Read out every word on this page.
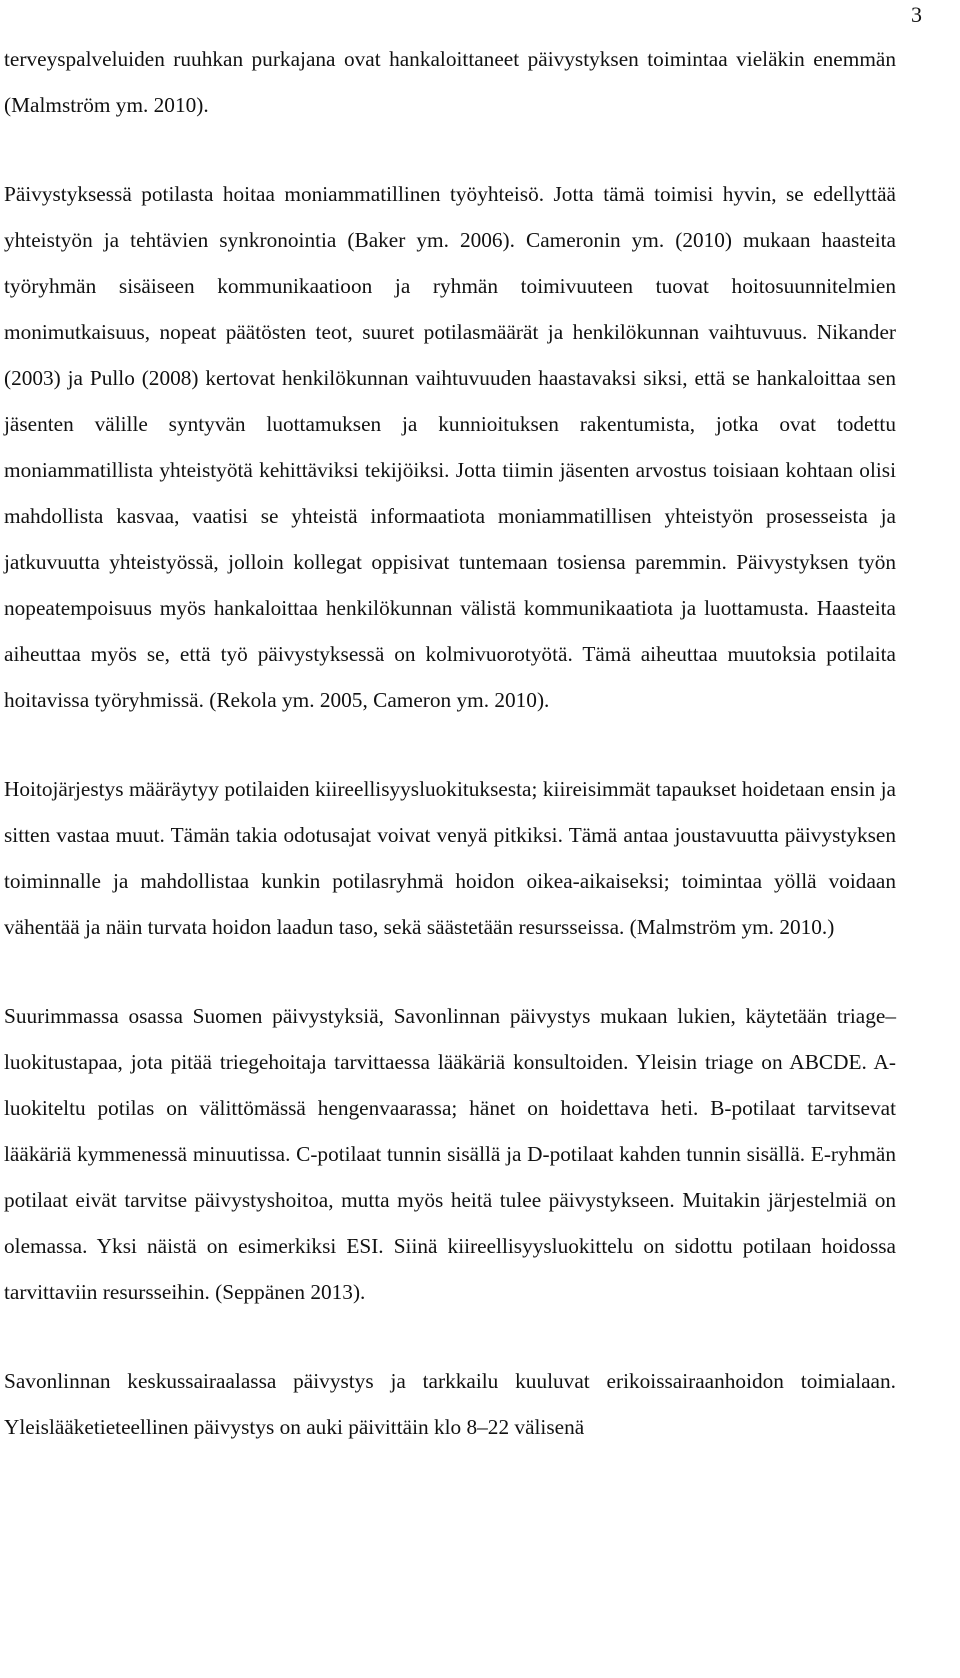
3

terveyspalveluiden ruuhkan purkajana ovat hankaloittaneet päivystyksen toimintaa vieläkin enemmän (Malmström ym. 2010).

Päivystyksessä potilasta hoitaa moniammatillinen työyhteisö. Jotta tämä toimisi hyvin, se edellyttää yhteistyön ja tehtävien synkronointia (Baker ym. 2006). Cameronin ym. (2010) mukaan haasteita työryhmän sisäiseen kommunikaatioon ja ryhmän toimivuuteen tuovat hoitosuunnitelmien monimutkaisuus, nopeat päätösten teot, suuret potilasmäärät ja henkilökunnan vaihtuvuus. Nikander (2003) ja Pullo (2008) kertovat henkilökunnan vaihtuvuuden haastavaksi siksi, että se hankaloittaa sen jäsenten välille syntyvän luottamuksen ja kunnioituksen rakentumista, jotka ovat todettu moniammatillista yhteistyötä kehittäviksi tekijöiksi. Jotta tiimin jäsenten arvostus toisiaan kohtaan olisi mahdollista kasvaa, vaatisi se yhteistä informaatiota moniammatillisen yhteistyön prosesseista ja jatkuvuutta yhteistyössä, jolloin kollegat oppisivat tuntemaan tosiensa paremmin. Päivystyksen työn nopeatempoisuus myös hankaloittaa henkilökunnan välistä kommunikaatiota ja luottamusta. Haasteita aiheuttaa myös se, että työ päivystyksessä on kolmivuorotyötä. Tämä aiheuttaa muutoksia potilaita hoitavissa työryhmissä. (Rekola ym. 2005, Cameron ym. 2010).

Hoitojärjestys määräytyy potilaiden kiireellisyysluokituksesta; kiireisimmät tapaukset hoidetaan ensin ja sitten vastaa muut. Tämän takia odotusajat voivat venyä pitkiksi. Tämä antaa joustavuutta päivystyksen toiminnalle ja mahdollistaa kunkin potilasryhmä hoidon oikea-aikaiseksi; toimintaa yöllä voidaan vähentää ja näin turvata hoidon laadun taso, sekä säästetään resursseissa. (Malmström ym. 2010.)

Suurimmassa osassa Suomen päivystyksiä, Savonlinnan päivystys mukaan lukien, käytetään triage–luokitustapaa, jota pitää triegehoitaja tarvittaessa lääkäriä konsultoiden. Yleisin triage on ABCDE. A-luokiteltu potilas on välittömässä hengenvaarassa; hänet on hoidettava heti. B-potilaat tarvitsevat lääkäriä kymmenessä minuutissa. C-potilaat tunnin sisällä ja D-potilaat kahden tunnin sisällä. E-ryhmän potilaat eivät tarvitse päivystyshoitoa, mutta myös heitä tulee päivystykseen. Muitakin järjestelmiä on olemassa. Yksi näistä on esimerkiksi ESI. Siinä kiireellisyysluokittelu on sidottu potilaan hoidossa tarvittaviin resursseihin. (Seppänen 2013).

Savonlinnan keskussairaalassa päivystys ja tarkkailu kuuluvat erikoissairaanhoidon toimialaan. Yleislääketieteellinen päivystys on auki päivittäin klo 8–22 välisenä
